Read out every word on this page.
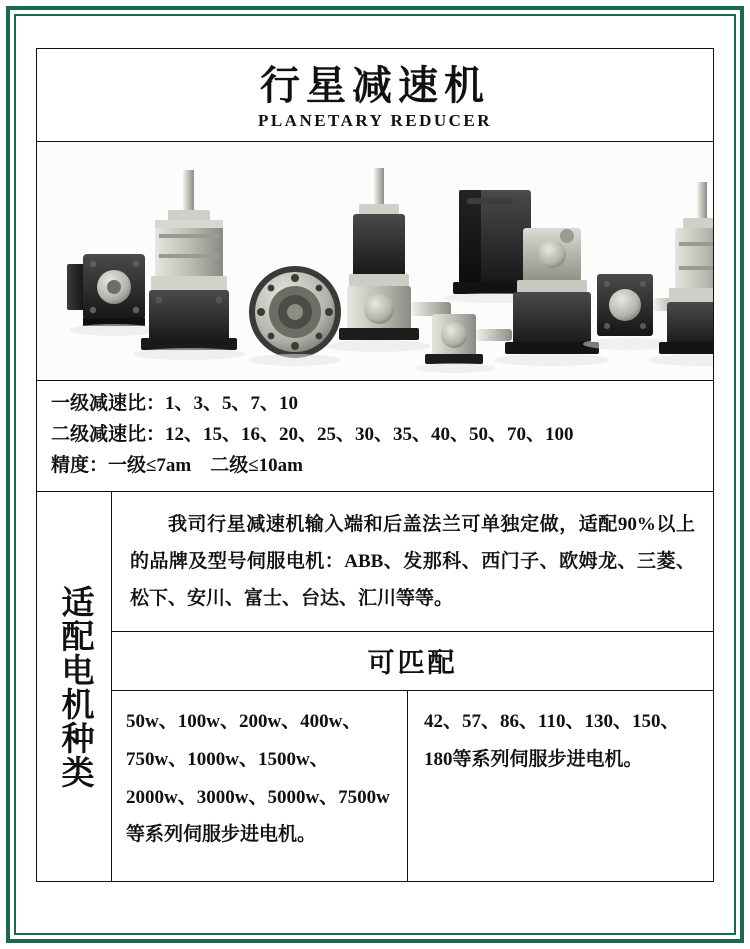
行星减速机
PLANETARY REDUCER
一级减速比：1、3、5、7、10
二级减速比：12、15、16、20、25、30、35、40、50、70、100
精度：一级≤7am　二级≤10am
适配电机种类
我司行星减速机输入端和后盖法兰可单独定做，适配90%以上的品牌及型号伺服电机：ABB、发那科、西门子、欧姆龙、三菱、松下、安川、富士、台达、汇川等等。
可匹配
50w、100w、200w、400w、750w、1000w、1500w、2000w、3000w、5000w、7500w等系列伺服步进电机。
42、57、86、110、130、150、180等系列伺服步进电机。
